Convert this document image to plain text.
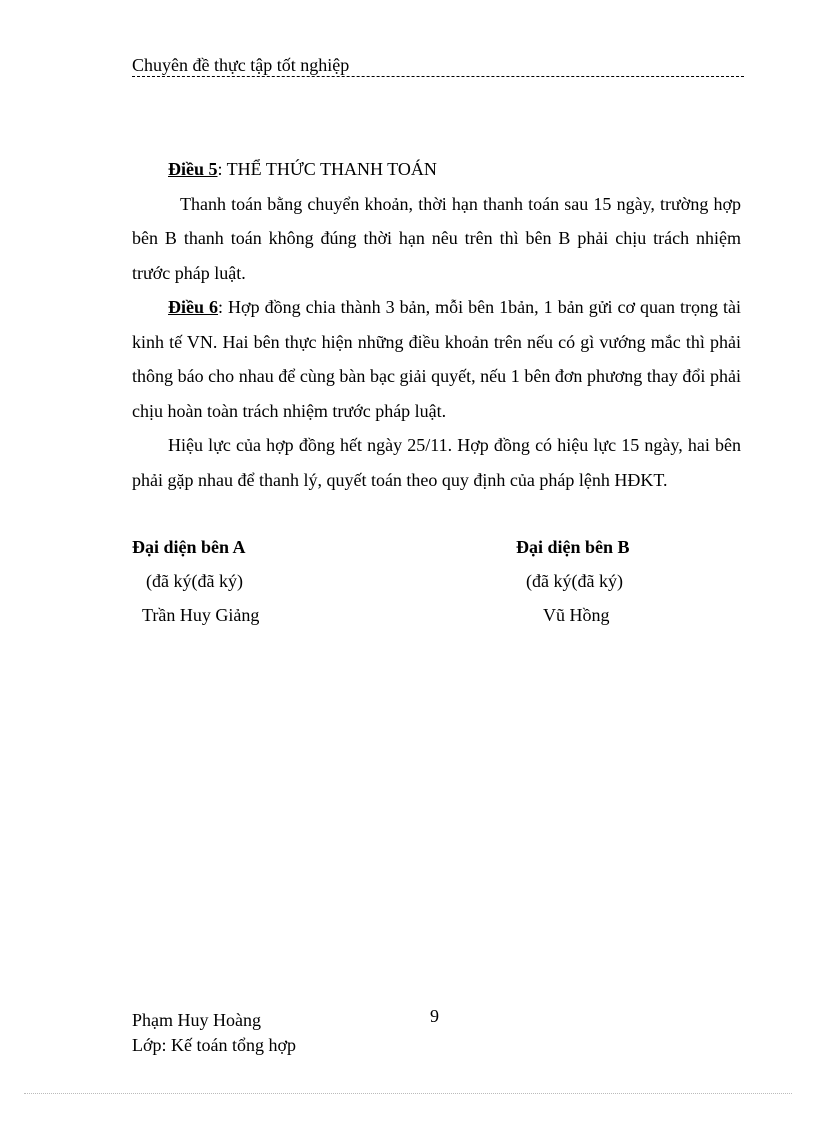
Chuyên đề thực tập tốt nghiệp

Điều 5: THỂ THỨC THANH TOÁN

Thanh toán bằng chuyển khoản, thời hạn thanh toán sau 15 ngày, trường hợp bên B thanh toán không đúng thời hạn nêu trên thì bên B phải chịu trách nhiệm trước pháp luật.

Điều 6: Hợp đồng chia thành 3 bản, mỗi bên 1bản, 1 bản gửi cơ quan trọng tài kinh tế VN. Hai bên thực hiện những điều khoản trên nếu có gì vướng mắc thì phải thông báo cho nhau để cùng bàn bạc giải quyết, nếu 1 bên đơn phương thay đổi phải chịu hoàn toàn trách nhiệm trước pháp luật.

Hiệu lực của hợp đồng hết ngày 25/11. Hợp đồng có hiệu lực 15 ngày, hai bên phải gặp nhau để thanh lý, quyết toán theo quy định của pháp lệnh HĐKT.

Đại diện bên A
(đã ký(đã ký)
Trần Huy Giảng
Đại diện bên B
(đã ký(đã ký)
Vũ Hồng
Phạm Huy Hoàng
Lớp: Kế toán tổng hợp
9
